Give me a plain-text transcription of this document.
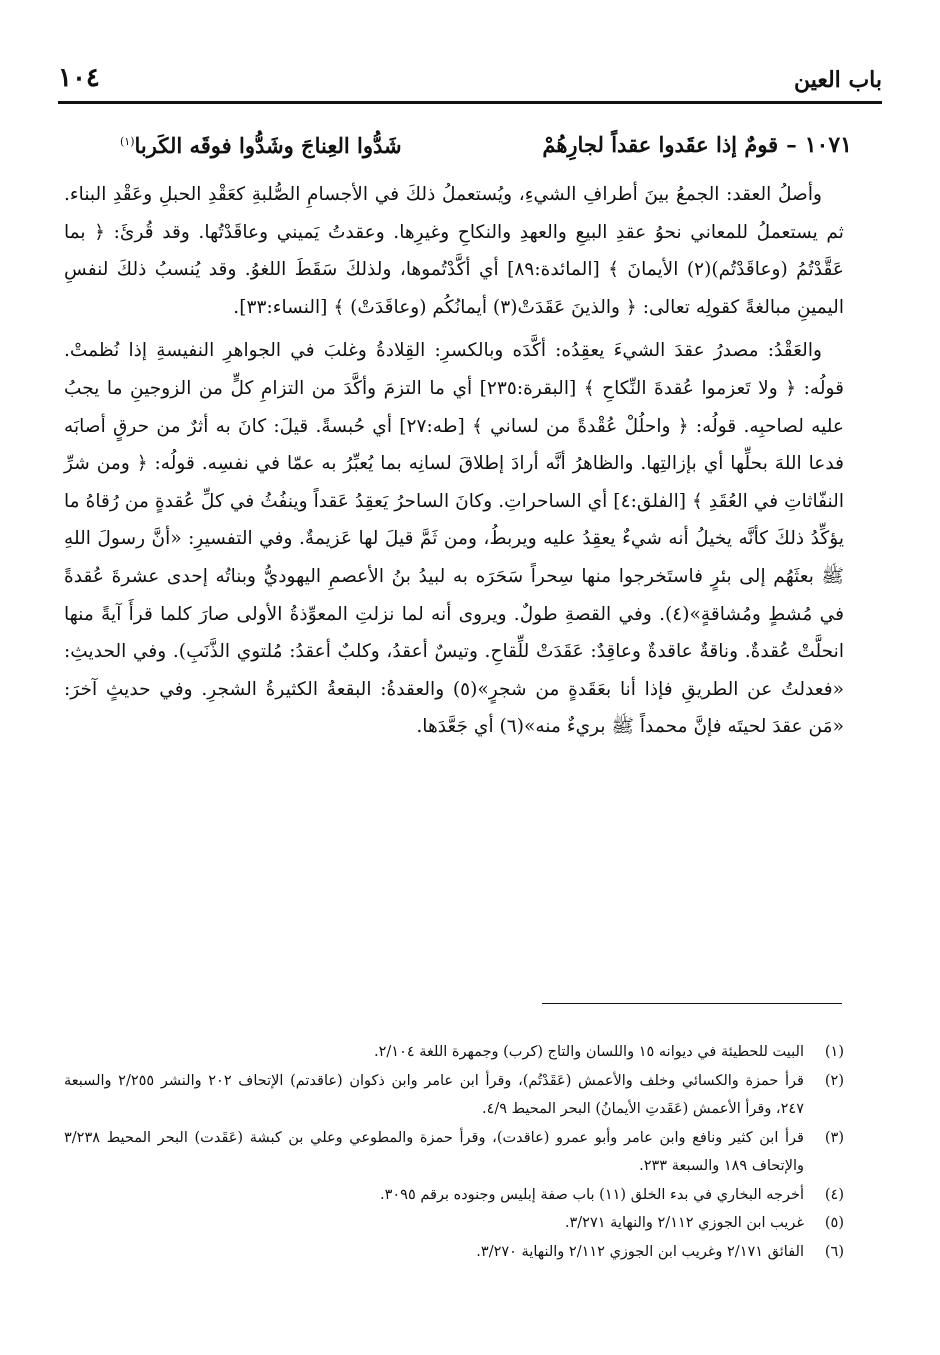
باب العين
١٠٤
١٠٧١
–
قومٌ إذا عقَدوا عقداً لجارِهُمْ
شَدُّوا العِناجَ وشَدُّوا فوقَه الكَربا$^{(١)}$

وأصلُ العقد: الجمعُ بينَ أطرافِ الشيءِ، ويُستعملُ ذلكَ في الأجسامِ الصُّلبةِ كعَقْدِ الحبلِ وعَقْدِ البناء. ثم يستعملُ للمعاني نحوُ عقدِ البيعِ والعهدِ والنكاحِ وغيرِها. وعقدتُ يَميني وعاقَدْتُها. وقد قُرئَ: ﴿ بما عَقَّدْتُمُ (وعاقَدْتُم)(٢) الأيمانَ ﴾ [المائدة:٨٩] أي أكَّدْتُموها، ولذلكَ سَقَطَ اللغوُ. وقد يُنسبُ ذلكَ لنفسِ اليمينِ مبالغةً كقولِه تعالى: ﴿ والذينَ عَقَدَتْ(٣) أيمانُكُم (وعاقَدَتْ) ﴾ [النساء:٣٣].

والعَقْدُ: مصدرُ عقدَ الشيءَ يعقِدُه: أكَّدَه وبالكسرِ: القِلادةُ وغلبَ في الجواهرِ النفيسةِ إذا نُظمتْ. قولُه: ﴿ ولا تَعزموا عُقدةَ النِّكاحِ ﴾ [البقرة:٢٣٥] أي ما التزمَ وأكَّدَ من التزامِ كلٍّ من الزوجينِ ما يجبُ عليه لصاحبِه. قولُه: ﴿ واحلُلْ عُقْدةً من لساني ﴾ [طه:٢٧] أي حُبسةً. قيلَ: كانَ به أثرٌ من حرقٍ أصابَه فدعا اللهَ بحلِّها أي بإزالتِها. والظاهرُ أنَّه أرادَ إطلاقَ لسانِه بما يُعبِّرُ به عمّا في نفسِه. قولُه: ﴿ ومن شرِّ النفّاثاتِ في العُقَدِ ﴾ [الفلق:٤] أي الساحراتِ. وكانَ الساحرُ يَعقِدُ عَقداً وينفُثُ في كلِّ عُقدةٍ من رُقاهُ ما يؤكِّدُ ذلكَ كأنَّه يخيلُ أنه شيءٌ يعقِدُ عليه ويربطُ، ومن ثَمَّ قيلَ لها عَزيمةٌ. وفي التفسيرِ: «أنَّ رسولَ اللهِ ﷺ بعثَهُم إلى بئرٍ فاستَخرجوا منها سِحراً سَحَرَه به لبيدُ بنُ الأعصمِ اليهوديُّ وبناتُه إحدى عشرةَ عُقدةً في مُشطٍ ومُشاقةٍ»(٤). وفي القصةِ طولٌ. ويروى أنه لما نزلتِ المعوِّذةُ الأولى صارَ كلما قرأَ آيةً منها انحلَّتْ عُقدةٌ. وناقةٌ عاقدةٌ وعاقِدٌ: عَقَدَتْ للِّقاحِ. وتيسٌ أعقدُ، وكلبٌ أعقدُ: مُلتوي الذَّنَبِ). وفي الحديثِ: «فعدلتُ عن الطريقِ فإذا أنا بعَقَدةٍ من شجرٍ»(٥) والعقدةُ: البقعةُ الكثيرةُ الشجرِ. وفي حديثٍ آخرَ: «مَن عقدَ لحيتَه فإنَّ محمداً ﷺ بريءٌ منه»(٦) أي جَعَّدَها.

(١)
البيت للحطيئة في ديوانه ١٥ واللسان والتاج (كرب) وجمهرة اللغة ٢/١٠٤.
(٢)
قرأ حمزة والكسائي وخلف والأعمش (عَقَدْتُم)، وقرأ ابن عامر وابن ذكوان (عاقدتم) الإتحاف ٢٠٢ والنشر ٢/٢٥٥ والسبعة ٢٤٧، وقرأ الأعمش (عَقَدتِ الأيمانُ) البحر المحيط ٤/٩.
(٣)
قرأ ابن كثير ونافع وابن عامر وأبو عمرو (عاقدت)، وقرأ حمزة والمطوعي وعلي بن كبشة (عَقَدت) البحر المحيط ٣/٢٣٨ والإتحاف ١٨٩ والسبعة ٢٣٣.
(٤)
أخرجه البخاري في بدء الخلق (١١) باب صفة إبليس وجنوده برقم ٣٠٩٥.
(٥)
غريب ابن الجوزي ٢/١١٢ والنهاية ٣/٢٧١.
(٦)
الفائق ٢/١٧١ وغريب ابن الجوزي ٢/١١٢ والنهاية ٣/٢٧٠.
